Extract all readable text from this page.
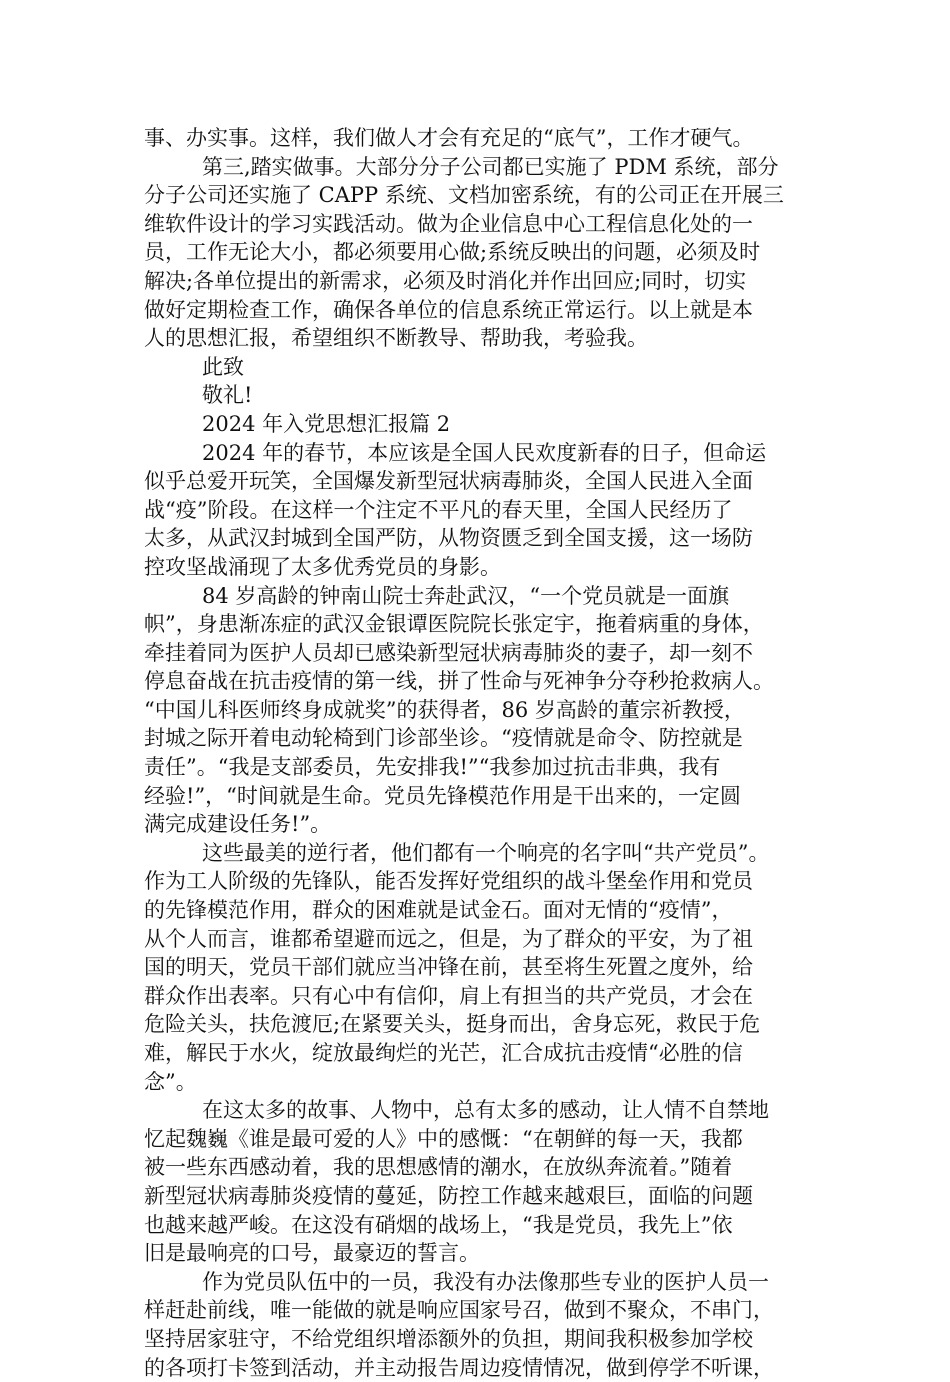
事、办实事。这样，我们做人才会有充足的“底气”，工作才硬气。
第三,踏实做事。大部分分子公司都已实施了 PDM 系统，部分
分子公司还实施了 CAPP 系统、文档加密系统，有的公司正在开展三
维软件设计的学习实践活动。做为企业信息中心工程信息化处的一
员，工作无论大小，都必须要用心做;系统反映出的问题，必须及时
解决;各单位提出的新需求，必须及时消化并作出回应;同时，切实
做好定期检查工作，确保各单位的信息系统正常运行。以上就是本
人的思想汇报，希望组织不断教导、帮助我，考验我。
此致
敬礼!
2024 年入党思想汇报篇 2
2024 年的春节，本应该是全国人民欢度新春的日子，但命运
似乎总爱开玩笑，全国爆发新型冠状病毒肺炎，全国人民进入全面
战“疫”阶段。在这样一个注定不平凡的春天里，全国人民经历了
太多，从武汉封城到全国严防，从物资匮乏到全国支援，这一场防
控攻坚战涌现了太多优秀党员的身影。
84 岁高龄的钟南山院士奔赴武汉，“一个党员就是一面旗
帜”，身患渐冻症的武汉金银谭医院院长张定宇，拖着病重的身体，
牵挂着同为医护人员却已感染新型冠状病毒肺炎的妻子，却一刻不
停息奋战在抗击疫情的第一线，拼了性命与死神争分夺秒抢救病人。
“中国儿科医师终身成就奖”的获得者，86 岁高龄的董宗祈教授，
封城之际开着电动轮椅到门诊部坐诊。“疫情就是命令、防控就是
责任”。“我是支部委员，先安排我!”“我参加过抗击非典，我有
经验!”，“时间就是生命。党员先锋模范作用是干出来的，一定圆
满完成建设任务!”。
这些最美的逆行者，他们都有一个响亮的名字叫“共产党员”。
作为工人阶级的先锋队，能否发挥好党组织的战斗堡垒作用和党员
的先锋模范作用，群众的困难就是试金石。面对无情的“疫情”，
从个人而言，谁都希望避而远之，但是，为了群众的平安，为了祖
国的明天，党员干部们就应当冲锋在前，甚至将生死置之度外，给
群众作出表率。只有心中有信仰，肩上有担当的共产党员，才会在
危险关头，扶危渡厄;在紧要关头，挺身而出，舍身忘死，救民于危
难，解民于水火，绽放最绚烂的光芒，汇合成抗击疫情“必胜的信
念”。
在这太多的故事、人物中，总有太多的感动，让人情不自禁地
忆起魏巍《谁是最可爱的人》中的感慨：“在朝鲜的每一天，我都
被一些东西感动着，我的思想感情的潮水，在放纵奔流着。”随着
新型冠状病毒肺炎疫情的蔓延，防控工作越来越艰巨，面临的问题
也越来越严峻。在这没有硝烟的战场上，“我是党员，我先上”依
旧是最响亮的口号，最豪迈的誓言。
作为党员队伍中的一员，我没有办法像那些专业的医护人员一
样赶赴前线，唯一能做的就是响应国家号召，做到不聚众，不串门，
坚持居家驻守，不给党组织增添额外的负担，期间我积极参加学校
的各项打卡签到活动，并主动报告周边疫情情况，做到停学不听课，
